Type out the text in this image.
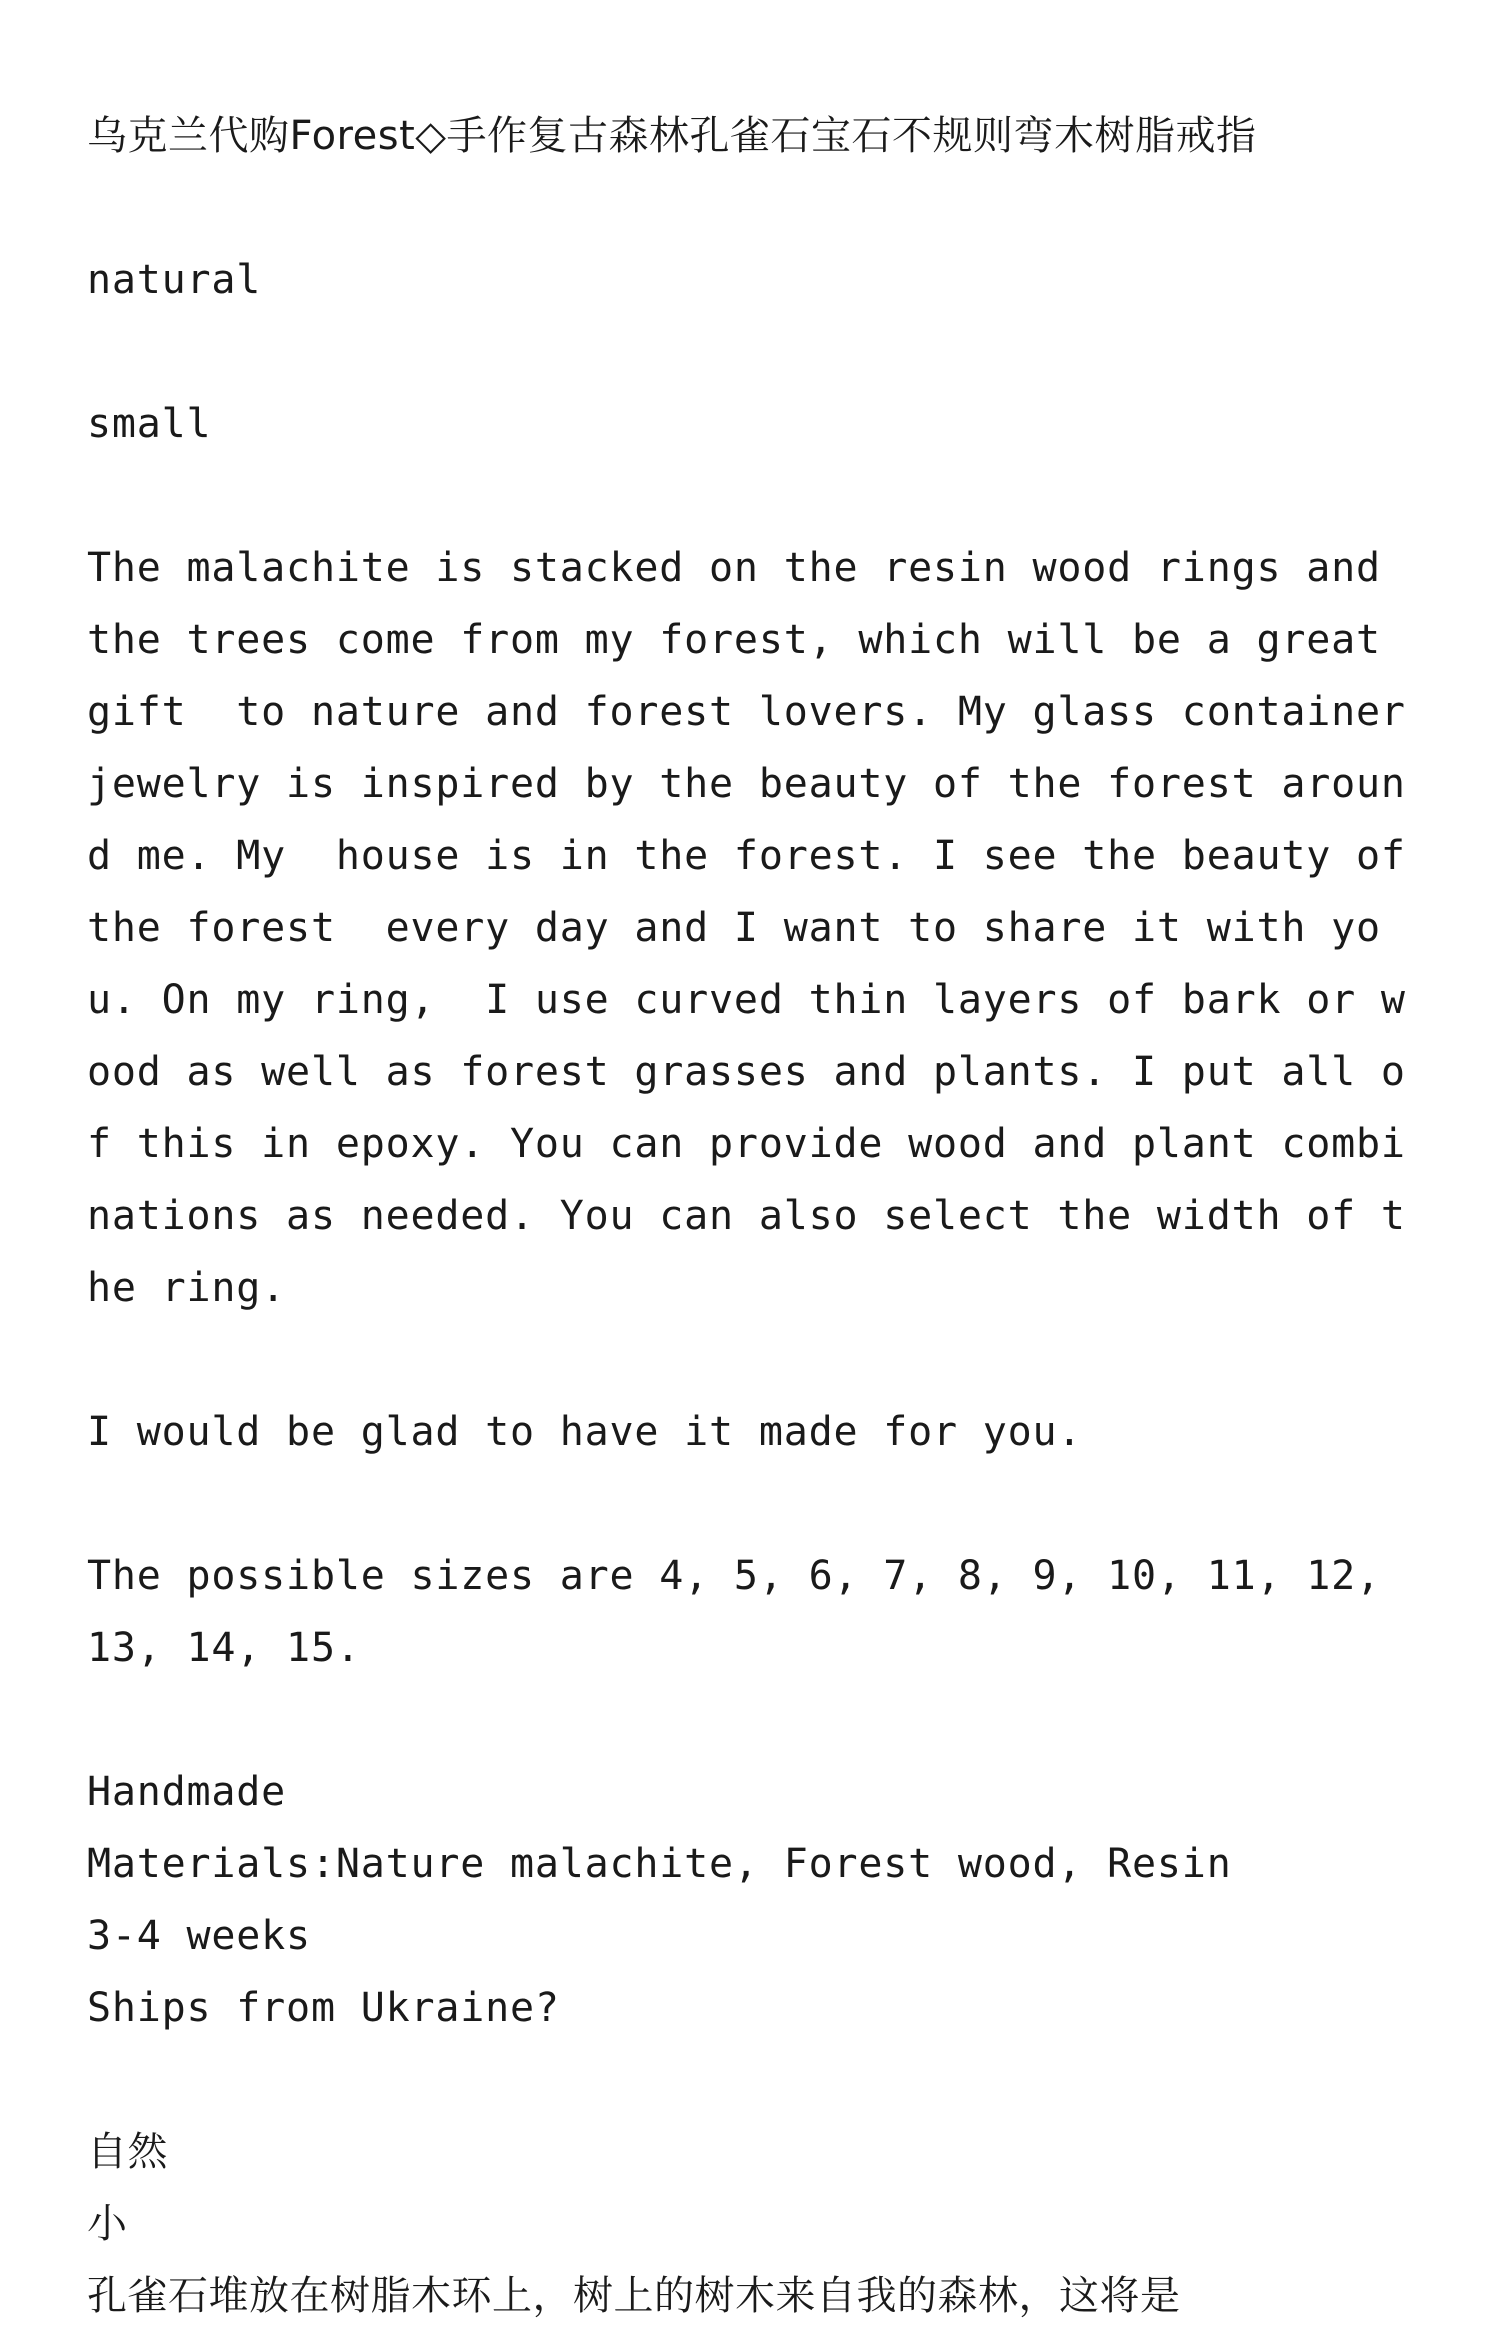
乌克兰代购Forest◇手作复古森林孔雀石宝石不规则弯木树脂戒指

natural

small

The malachite is stacked on the resin wood rings and the trees come from my forest, which will be a great gift  to nature and forest lovers. My glass container jewelry is inspired by the beauty of the forest around me. My  house is in the forest. I see the beauty of the forest  every day and I want to share it with you. On my ring,  I use curved thin layers of bark or wood as well as forest grasses and plants. I put all of this in epoxy. You can provide wood and plant combinations as needed. You can also select the width of the ring.

I would be glad to have it made for you.

The possible sizes are 4, 5, 6, 7, 8, 9, 10, 11, 12, 13, 14, 15.

Handmade
Materials:Nature malachite, Forest wood, Resin
3-4 weeks
Ships from Ukraine?
自然
小
孔雀石堆放在树脂木环上，树上的树木来自我的森林，这将是
